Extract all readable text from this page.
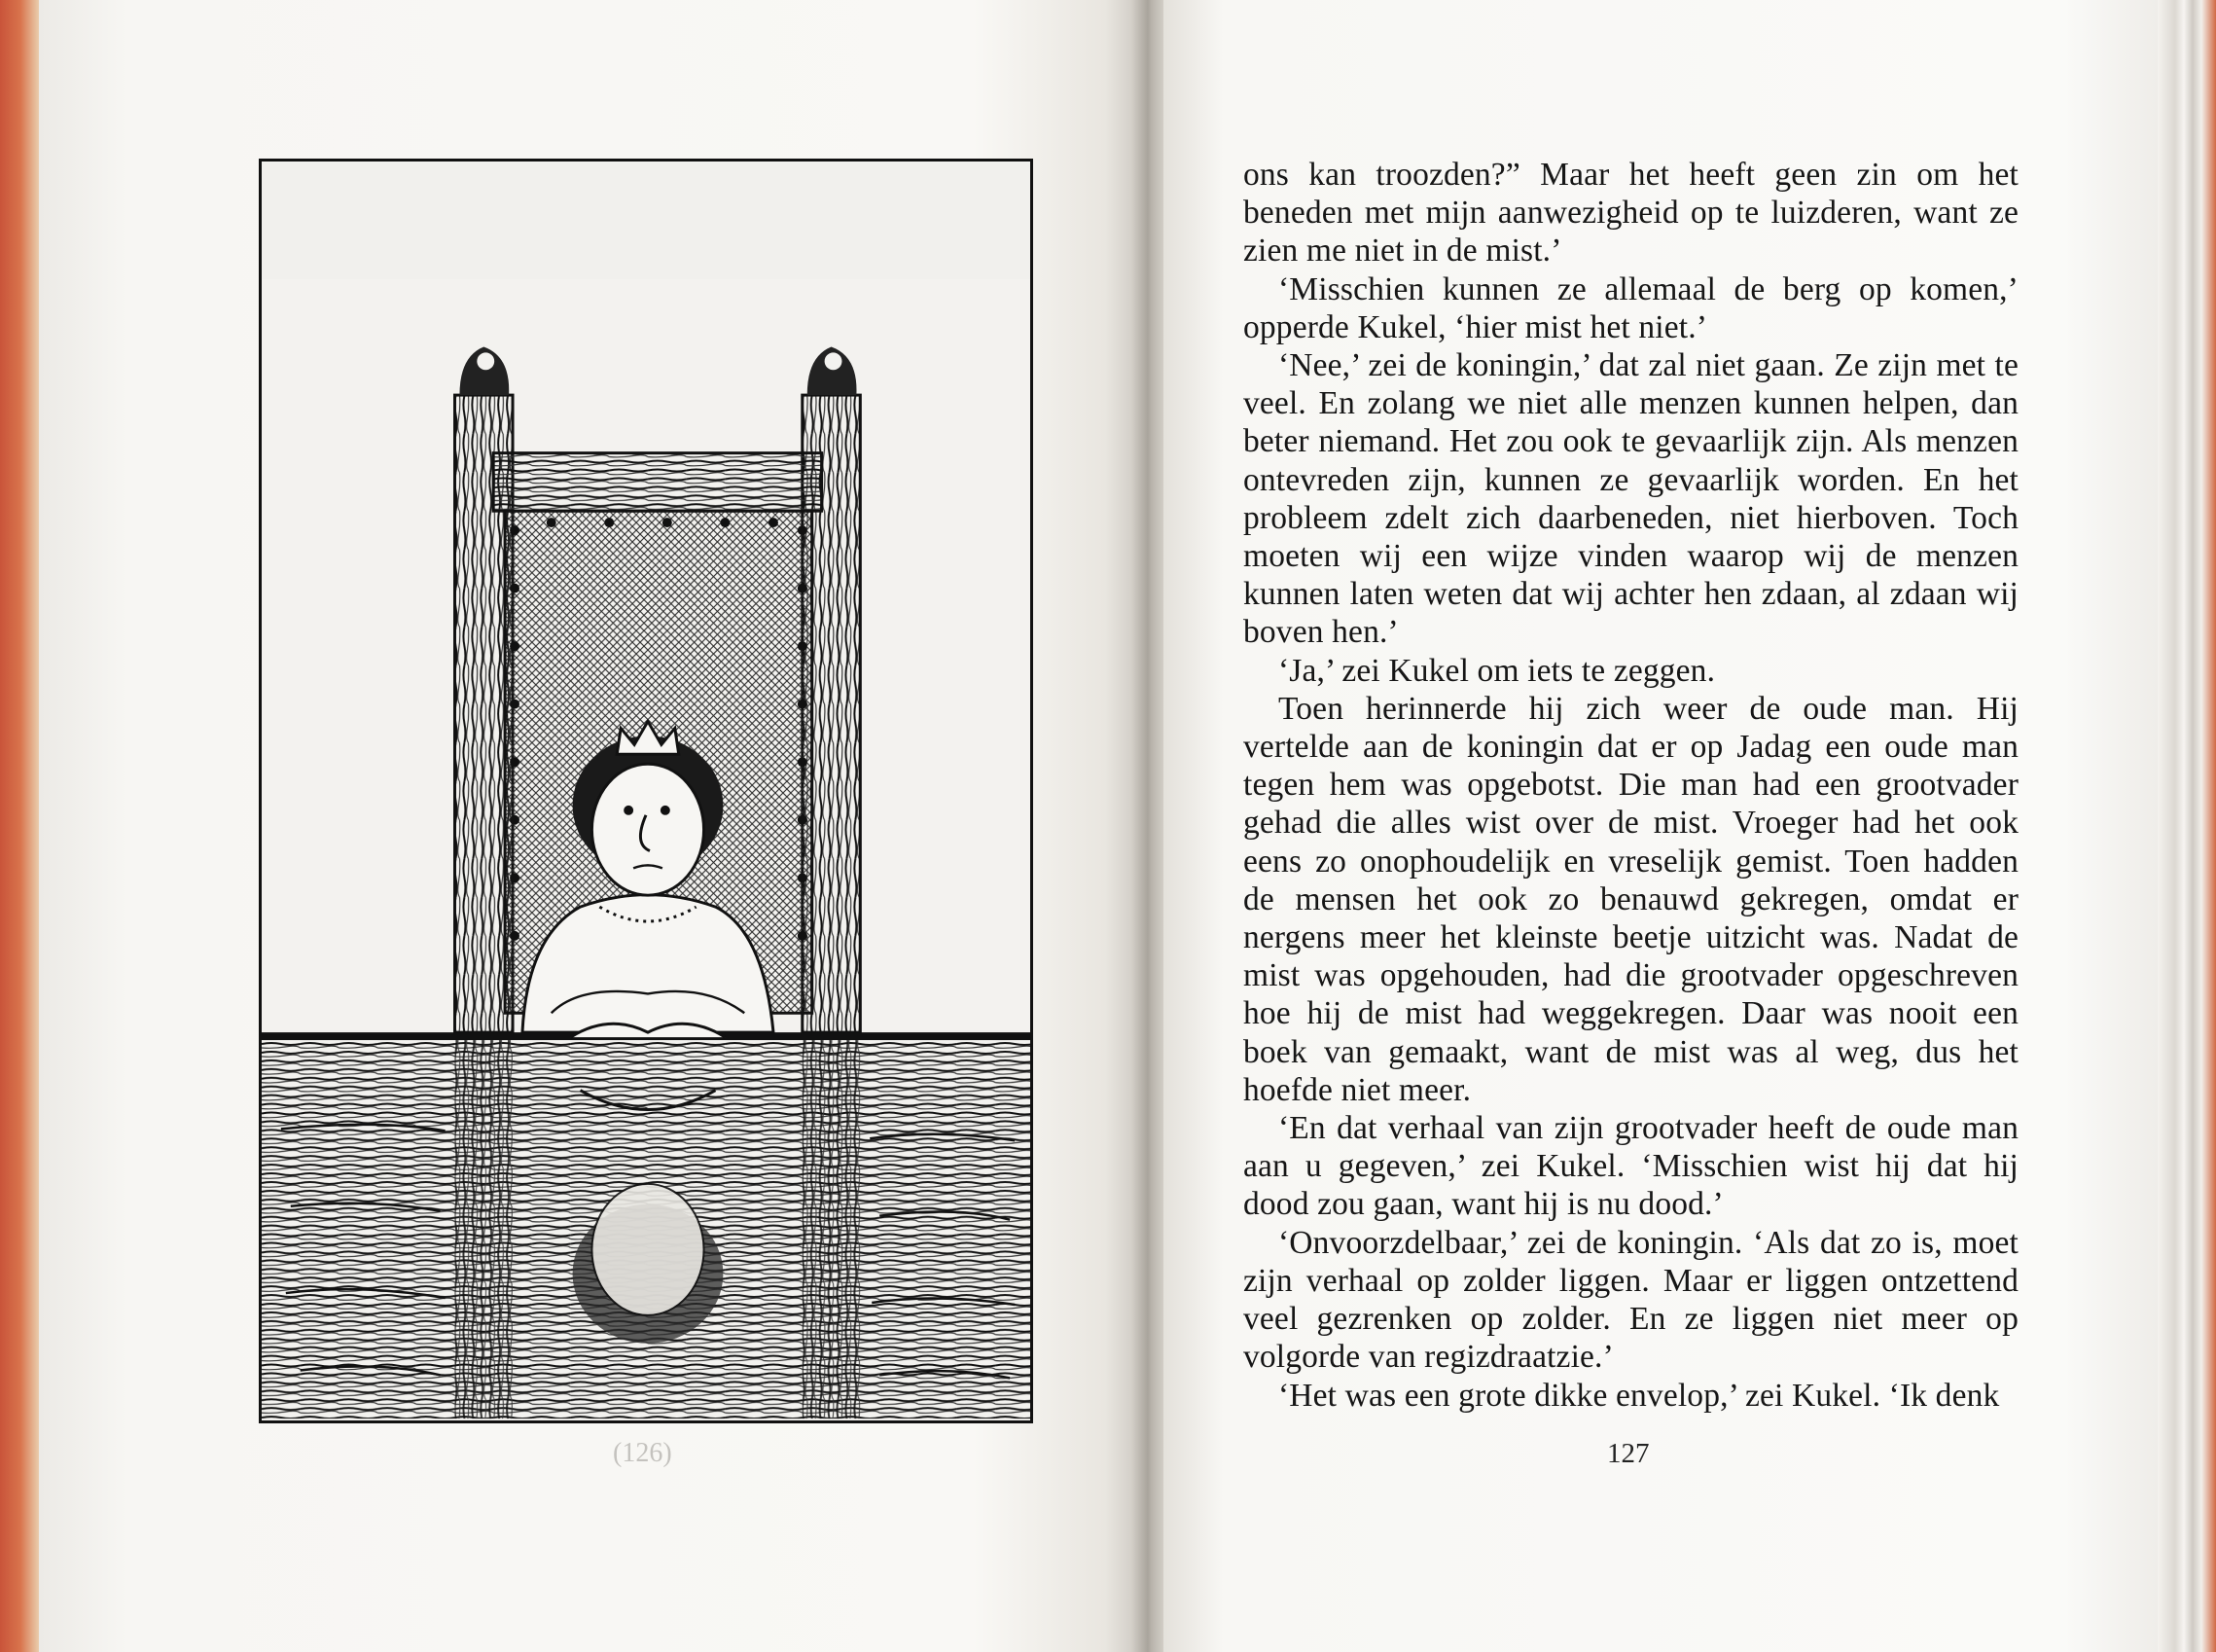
(126)

ons kan troozden?” Maar het heeft geen zin om het beneden met mijn aanwezigheid op te luizderen, want ze zien me niet in de mist.’

‘Misschien kunnen ze allemaal de berg op komen,’ opperde Kukel, ‘hier mist het niet.’

‘Nee,’ zei de koningin,’ dat zal niet gaan. Ze zijn met te veel. En zolang we niet alle menzen kunnen helpen, dan beter niemand. Het zou ook te gevaarlijk zijn. Als menzen ontevreden zijn, kunnen ze gevaarlijk worden. En het probleem zdelt zich daarbeneden, niet hierboven. Toch moeten wij een wijze vinden waarop wij de menzen kunnen laten weten dat wij achter hen zdaan, al zdaan wij boven hen.’

‘Ja,’ zei Kukel om iets te zeggen.

Toen herinnerde hij zich weer de oude man. Hij vertelde aan de koningin dat er op Jadag een oude man tegen hem was opgebotst. Die man had een grootvader gehad die alles wist over de mist. Vroeger had het ook eens zo onophoudelijk en vreselijk gemist. Toen hadden de mensen het ook zo benauwd gekregen, omdat er nergens meer het kleinste beetje uitzicht was. Nadat de mist was opgehouden, had die grootvader opgeschreven hoe hij de mist had weggekregen. Daar was nooit een boek van gemaakt, want de mist was al weg, dus het hoefde niet meer.

‘En dat verhaal van zijn grootvader heeft de oude man aan u gegeven,’ zei Kukel. ‘Misschien wist hij dat hij dood zou gaan, want hij is nu dood.’

‘Onvoorzdelbaar,’ zei de koningin. ‘Als dat zo is, moet zijn verhaal op zolder liggen. Maar er liggen ontzettend veel gezrenken op zolder. En ze liggen niet meer op volgorde van regizdraatzie.’

‘Het was een grote dikke envelop,’ zei Kukel. ‘Ik denk

127
